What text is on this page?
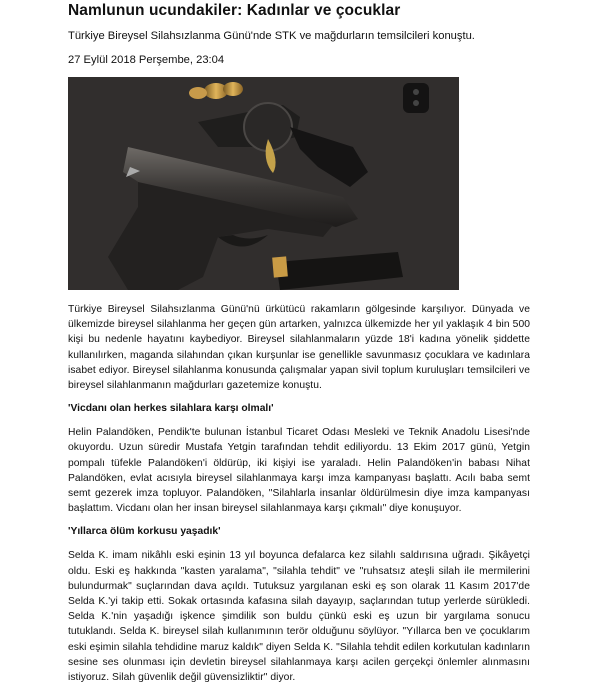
Namlunun ucundakiler: Kadınlar ve çocuklar
Türkiye Bireysel Silahsızlanma Günü'nde STK ve mağdurların temsilcileri konuştu.
27 Eylül 2018 Perşembe, 23:04

Türkiye Bireysel Silahsızlanma Günü'nü ürkütücü rakamların gölgesinde karşılıyor. Dünyada ve ülkemizde bireysel silahlanma her geçen gün artarken, yalnızca ülkemizde her yıl yaklaşık 4 bin 500 kişi bu nedenle hayatını kaybediyor. Bireysel silahlanmaların yüzde 18'i kadına yönelik şiddette kullanılırken, maganda silahından çıkan kurşunlar ise genellikle savunmasız çocuklara ve kadınlara isabet ediyor. Bireysel silahlanma konusunda çalışmalar yapan sivil toplum kuruluşları temsilcileri ve bireysel silahlanmanın mağdurları gazetemize konuştu.

'Vicdanı olan herkes silahlara karşı olmalı'

Helin Palandöken, Pendik'te bulunan İstanbul Ticaret Odası Mesleki ve Teknik Anadolu Lisesi'nde okuyordu. Uzun süredir Mustafa Yetgin tarafından tehdit ediliyordu. 13 Ekim 2017 günü, Yetgin pompalı tüfekle Palandöken'i öldürüp, iki kişiyi ise yaraladı. Helin Palandöken'in babası Nihat Palandöken, evlat acısıyla bireysel silahlanmaya karşı imza kampanyası başlattı. Acılı baba semt semt gezerek imza topluyor. Palandöken, "Silahlarla insanlar öldürülmesin diye imza kampanyası başlattım. Vicdanı olan her insan bireysel silahlanmaya karşı çıkmalı" diye konuşuyor.

'Yıllarca ölüm korkusu yaşadık'

Selda K. imam nikâhlı eski eşinin 13 yıl boyunca defalarca kez silahlı saldırısına uğradı. Şikâyetçi oldu. Eski eş hakkında "kasten yaralama", "silahla tehdit" ve "ruhsatsız ateşli silah ile mermilerini bulundurmak" suçlarından dava açıldı. Tutuksuz yargılanan eski eş son olarak 11 Kasım 2017'de Selda K.'yi takip etti. Sokak ortasında kafasına silah dayayıp, saçlarından tutup yerlerde sürükledi. Selda K.'nin yaşadığı işkence şimdilik son buldu çünkü eski eş uzun bir yargılama sonucu tutuklandı. Selda K. bireysel silah kullanımının terör olduğunu söylüyor. "Yıllarca ben ve çocuklarım eski eşimin silahla tehdidine maruz kaldık" diyen Selda K. "Silahla tehdit edilen korkutulan kadınların sesine ses olunması için devletin bireysel silahlanmaya karşı acilen gerçekçi önlemler alınmasını istiyoruz. Silah güvenlik değil güvensizliktir" diyor.
